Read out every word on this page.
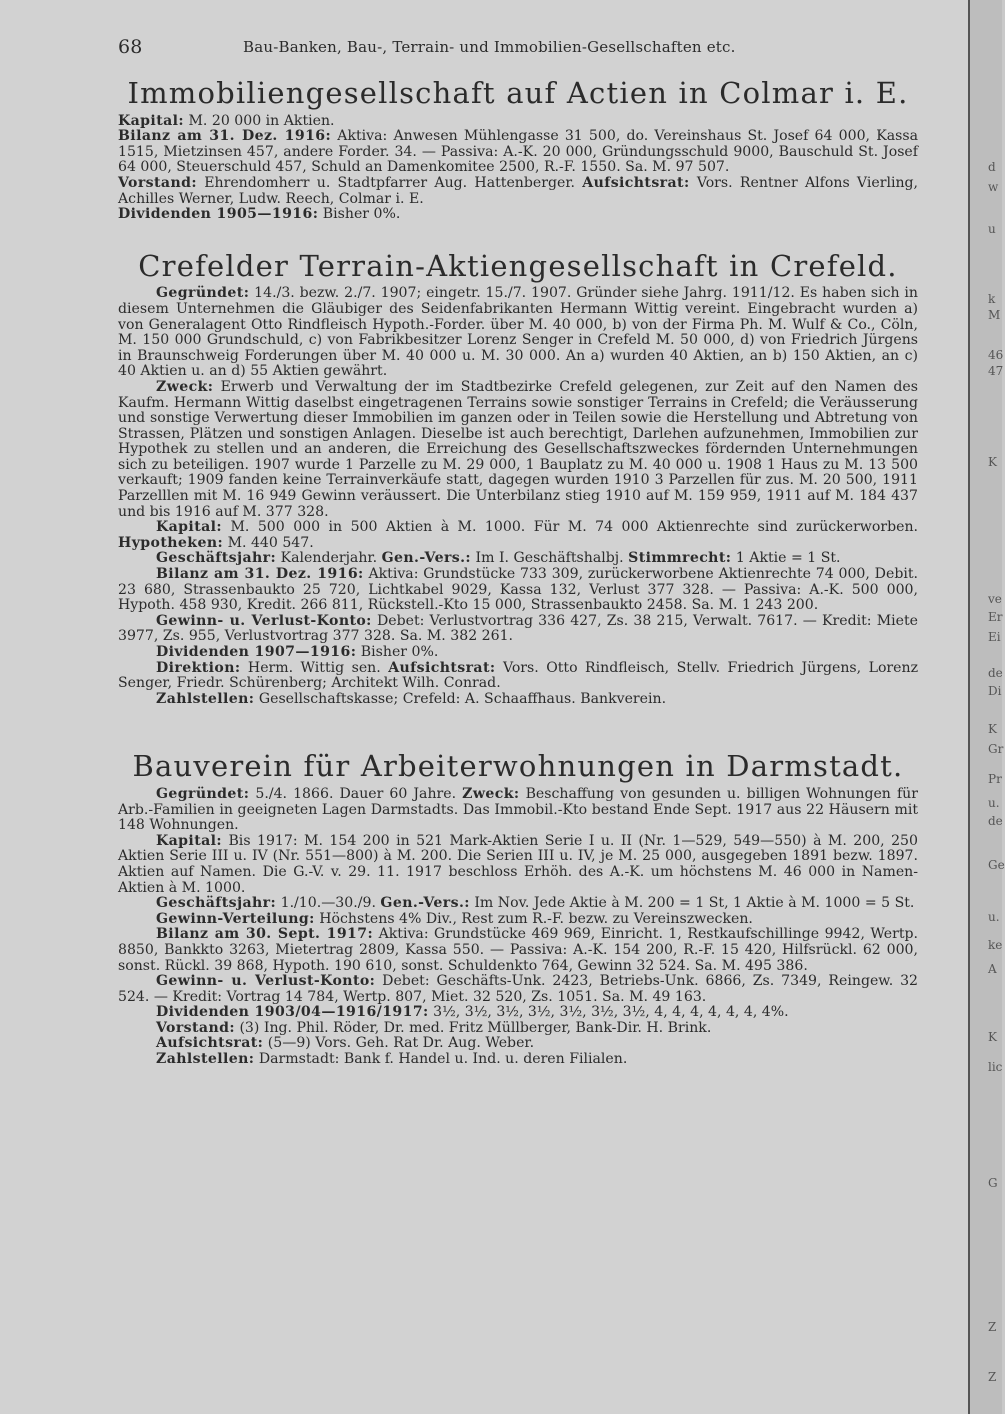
68	Bau-Banken, Bau-, Terrain- und Immobilien-Gesellschaften etc.
Immobiliengesellschaft auf Actien in Colmar i. E.

Kapital: M. 20 000 in Aktien.

Bilanz am 31. Dez. 1916: Aktiva: Anwesen Mühlengasse 31 500, do. Vereinshaus St. Josef 64 000, Kassa 1515, Mietzinsen 457, andere Forder. 34. — Passiva: A.-K. 20 000, Gründungsschuld 9000, Bauschuld St. Josef 64 000, Steuerschuld 457, Schuld an Damenkomitee 2500, R.-F. 1550. Sa. M. 97 507.

Vorstand: Ehrendomherr u. Stadtpfarrer Aug. Hattenberger. Aufsichtsrat: Vors. Rentner Alfons Vierling, Achilles Werner, Ludw. Reech, Colmar i. E.

Dividenden 1905—1916: Bisher 0%.

Crefelder Terrain-Aktiengesellschaft in Crefeld.

Gegründet: 14./3. bezw. 2./7. 1907; eingetr. 15./7. 1907. Gründer siehe Jahrg. 1911/12. Es haben sich in diesem Unternehmen die Gläubiger des Seidenfabrikanten Hermann Wittig vereint. Eingebracht wurden a) von Generalagent Otto Rindfleisch Hypoth.-Forder. über M. 40 000, b) von der Firma Ph. M. Wulf & Co., Cöln, M. 150 000 Grundschuld, c) von Fabrikbesitzer Lorenz Senger in Crefeld M. 50 000, d) von Friedrich Jürgens in Braunschweig Forderungen über M. 40 000 u. M. 30 000. An a) wurden 40 Aktien, an b) 150 Aktien, an c) 40 Aktien u. an d) 55 Aktien gewährt.

Zweck: Erwerb und Verwaltung der im Stadtbezirke Crefeld gelegenen, zur Zeit auf den Namen des Kaufm. Hermann Wittig daselbst eingetragenen Terrains sowie sonstiger Terrains in Crefeld; die Veräusserung und sonstige Verwertung dieser Immobilien im ganzen oder in Teilen sowie die Herstellung und Abtretung von Strassen, Plätzen und sonstigen Anlagen. Dieselbe ist auch berechtigt, Darlehen aufzunehmen, Immobilien zur Hypothek zu stellen und an anderen, die Erreichung des Gesellschaftszweckes fördernden Unternehmungen sich zu beteiligen. 1907 wurde 1 Parzelle zu M. 29 000, 1 Bauplatz zu M. 40 000 u. 1908 1 Haus zu M. 13 500 verkauft; 1909 fanden keine Terrainverkäufe statt, dagegen wurden 1910 3 Parzellen für zus. M. 20 500, 1911 Parzelllen mit M. 16 949 Gewinn veräussert. Die Unterbilanz stieg 1910 auf M. 159 959, 1911 auf M. 184 437 und bis 1916 auf M. 377 328.

Kapital: M. 500 000 in 500 Aktien à M. 1000. Für M. 74 000 Aktienrechte sind zurückerworben. Hypotheken: M. 440 547.

Geschäftsjahr: Kalenderjahr. Gen.-Vers.: Im I. Geschäftshalbj. Stimmrecht: 1 Aktie = 1 St.

Bilanz am 31. Dez. 1916: Aktiva: Grundstücke 733 309, zurückerworbene Aktienrechte 74 000, Debit. 23 680, Strassenbaukto 25 720, Lichtkabel 9029, Kassa 132, Verlust 377 328. — Passiva: A.-K. 500 000, Hypoth. 458 930, Kredit. 266 811, Rückstell.-Kto 15 000, Strassenbaukto 2458. Sa. M. 1 243 200.

Gewinn- u. Verlust-Konto: Debet: Verlustvortrag 336 427, Zs. 38 215, Verwalt. 7617. — Kredit: Miete 3977, Zs. 955, Verlustvortrag 377 328. Sa. M. 382 261.

Dividenden 1907—1916: Bisher 0%.

Direktion: Herm. Wittig sen. Aufsichtsrat: Vors. Otto Rindfleisch, Stellv. Friedrich Jürgens, Lorenz Senger, Friedr. Schürenberg; Architekt Wilh. Conrad.

Zahlstellen: Gesellschaftskasse; Crefeld: A. Schaaffhaus. Bankverein.

Bauverein für Arbeiterwohnungen in Darmstadt.

Gegründet: 5./4. 1866. Dauer 60 Jahre. Zweck: Beschaffung von gesunden u. billigen Wohnungen für Arb.-Familien in geeigneten Lagen Darmstadts. Das Immobil.-Kto bestand Ende Sept. 1917 aus 22 Häusern mit 148 Wohnungen.

Kapital: Bis 1917: M. 154 200 in 521 Mark-Aktien Serie I u. II (Nr. 1—529, 549—550) à M. 200, 250 Aktien Serie III u. IV (Nr. 551—800) à M. 200. Die Serien III u. IV, je M. 25 000, ausgegeben 1891 bezw. 1897. Aktien auf Namen. Die G.-V. v. 29. 11. 1917 beschloss Erhöh. des A.-K. um höchstens M. 46 000 in Namen-Aktien à M. 1000.

Geschäftsjahr: 1./10.—30./9. Gen.-Vers.: Im Nov. Jede Aktie à M. 200 = 1 St, 1 Aktie à M. 1000 = 5 St.

Gewinn-Verteilung: Höchstens 4% Div., Rest zum R.-F. bezw. zu Vereinszwecken.

Bilanz am 30. Sept. 1917: Aktiva: Grundstücke 469 969, Einricht. 1, Restkaufschillinge 9942, Wertp. 8850, Bankkto 3263, Mietertrag 2809, Kassa 550. — Passiva: A.-K. 154 200, R.-F. 15 420, Hilfsrückl. 62 000, sonst. Rückl. 39 868, Hypoth. 190 610, sonst. Schuldenkto 764, Gewinn 32 524. Sa. M. 495 386.

Gewinn- u. Verlust-Konto: Debet: Geschäfts-Unk. 2423, Betriebs-Unk. 6866, Zs. 7349, Reingew. 32 524. — Kredit: Vortrag 14 784, Wertp. 807, Miet. 32 520, Zs. 1051. Sa. M. 49 163.

Dividenden 1903/04—1916/1917: 3½, 3½, 3½, 3½, 3½, 3½, 3½, 4, 4, 4, 4, 4, 4, 4%.

Vorstand: (3) Ing. Phil. Röder, Dr. med. Fritz Müllberger, Bank-Dir. H. Brink.

Aufsichtsrat: (5—9) Vors. Geh. Rat Dr. Aug. Weber.

Zahlstellen: Darmstadt: Bank f. Handel u. Ind. u. deren Filialen.

d
w
u
k
M
46
47
K
ve
Er
Ei
de
Di
K
Gr
Pr
u.
de
Ge
u.
ke
A
K
lic
G
Z
Z
